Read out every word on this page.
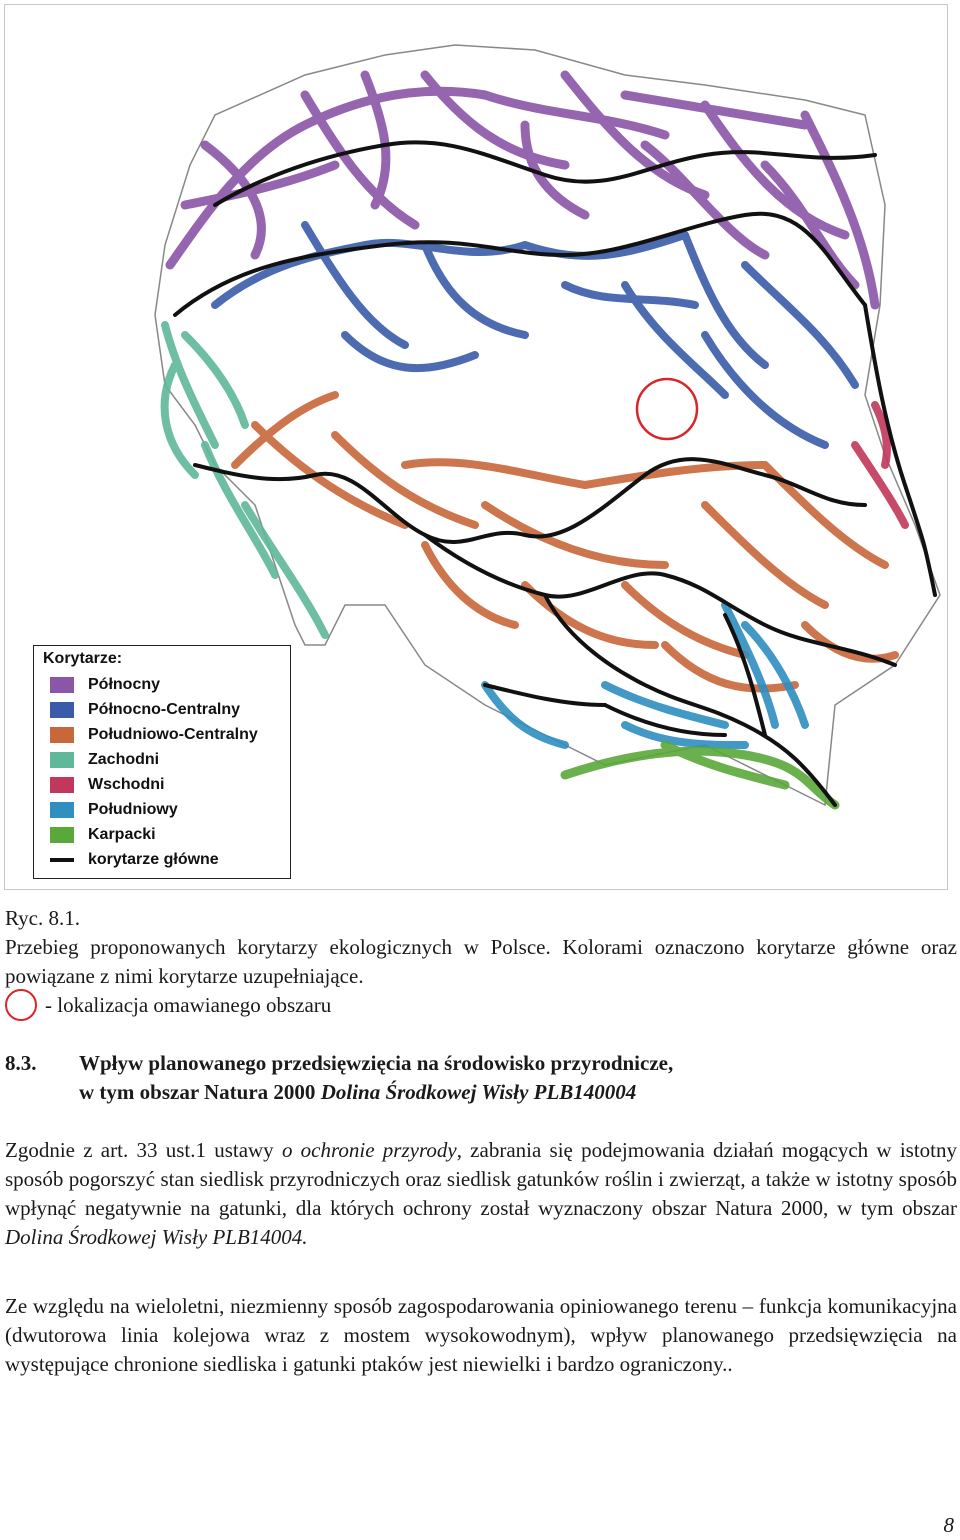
Korytarze:
Północny
Północno-Centralny
Południowo-Centralny
Zachodni
Wschodni
Południowy
Karpacki
korytarze główne
Ryc. 8.1.
Przebieg proponowanych korytarzy ekologicznych w Polsce. Kolorami oznaczono korytarze główne oraz powiązane z nimi korytarze uzupełniające.
- lokalizacja omawianego obszaru
8.3. Wpływ planowanego przedsięwzięcia na środowisko przyrodnicze,
w tym obszar Natura 2000 Dolina Środkowej Wisły PLB140004

Zgodnie z art. 33 ust.1 ustawy o ochronie przyrody, zabrania się podejmowania działań mogących w istotny sposób pogorszyć stan siedlisk przyrodniczych oraz siedlisk gatunków roślin i zwierząt, a także w istotny sposób wpłynąć negatywnie na gatunki, dla których ochrony został wyznaczony obszar Natura 2000, w tym obszar Dolina Środkowej Wisły PLB14004.

Ze względu na wieloletni, niezmienny sposób zagospodarowania opiniowanego terenu – funkcja komunikacyjna (dwutorowa linia kolejowa wraz z mostem wysokowodnym), wpływ planowanego przedsięwzięcia na występujące chronione siedliska i gatunki ptaków jest niewielki i bardzo ograniczony..

8
